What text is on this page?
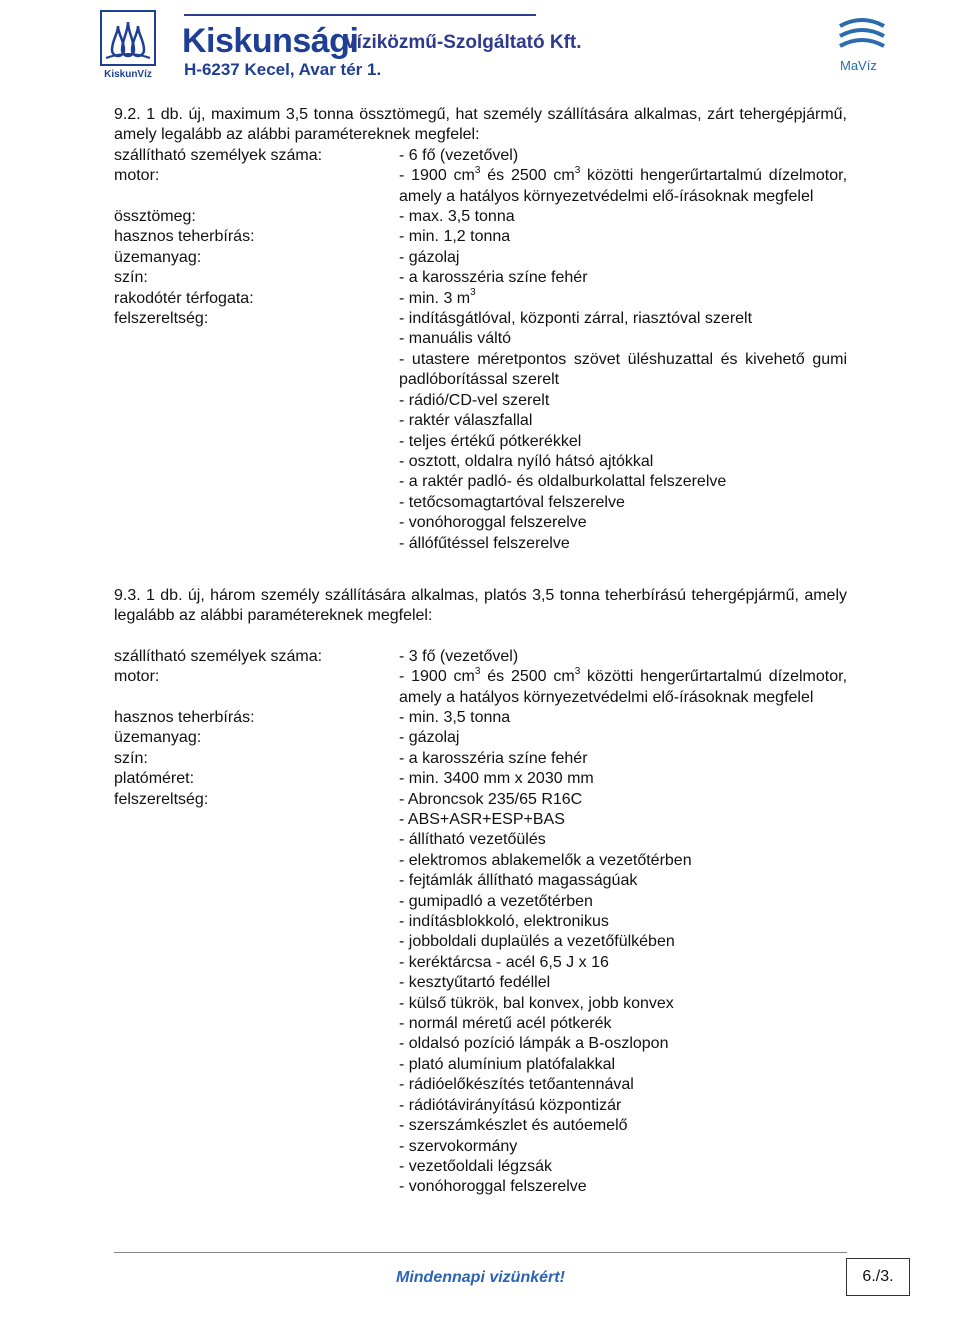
KiskunVíz
Kiskunsági
Víziközmű-Szolgáltató Kft.
H-6237 Kecel, Avar tér 1.	MaVíz

9.2. 1 db. új, maximum 3,5 tonna össztömegű, hat személy szállítására alkalmas, zárt tehergépjármű, amely legalább az alábbi paramétereknek megfelel:

szállítható személyek száma:	- 6 fő (vezetővel)
motor:	- 1900 $cm^3$ és 2500 $cm^3$ közötti hengerűrtartalmú dízelmotor, amely a hatályos környezetvédelmi elő-írásoknak megfelel
össztömeg:	- max. 3,5 tonna
hasznos teherbírás:	- min. 1,2 tonna
üzemanyag:	- gázolaj
szín:	- a karosszéria színe fehér
rakodótér térfogata:	- min. 3 $m^3$
felszereltség:	- indításgátlóval, központi zárral, riasztóval szerelt
- manuális váltó
- utastere méretpontos szövet üléshuzattal és kivehető gumi padlóborítással szerelt
- rádió/CD-vel szerelt
- raktér válaszfallal
- teljes értékű pótkerékkel
- osztott, oldalra nyíló hátsó ajtókkal
- a raktér padló- és oldalburkolattal felszerelve
- tetőcsomagtartóval felszerelve
- vonóhoroggal felszerelve
- állófűtéssel felszerelve

9.3. 1 db. új, három személy szállítására alkalmas, platós 3,5 tonna teherbírású tehergépjármű, amely legalább az alábbi paramétereknek megfelel:

szállítható személyek száma:	- 3 fő (vezetővel)
motor:	- 1900 $cm^3$ és 2500 $cm^3$ közötti hengerűrtartalmú dízelmotor, amely a hatályos környezetvédelmi elő-írásoknak megfelel
hasznos teherbírás:	- min. 3,5 tonna
üzemanyag:	- gázolaj
szín:	- a karosszéria színe fehér
platóméret:	- min. 3400 mm x 2030 mm
felszereltség:	- Abroncsok 235/65 R16C
- ABS+ASR+ESP+BAS
- állítható vezetőülés
- elektromos ablakemelők a vezetőtérben
- fejtámlák állítható magasságúak
- gumipadló a vezetőtérben
- indításblokkoló, elektronikus
- jobboldali duplaülés a vezetőfülkében
- keréktárcsa - acél 6,5 J x 16
- kesztyűtartó fedéllel
- külső tükrök, bal konvex, jobb konvex
- normál méretű acél pótkerék
- oldalsó pozíció lámpák a B-oszlopon
- plató alumínium platófalakkal
- rádióelőkészítés tetőantennával
- rádiótávirányítású központizár
- szerszámkészlet és autóemelő
- szervokormány
- vezetőoldali légzsák
- vonóhoroggal felszerelve
Mindennapi vizünkért!	6./3.
